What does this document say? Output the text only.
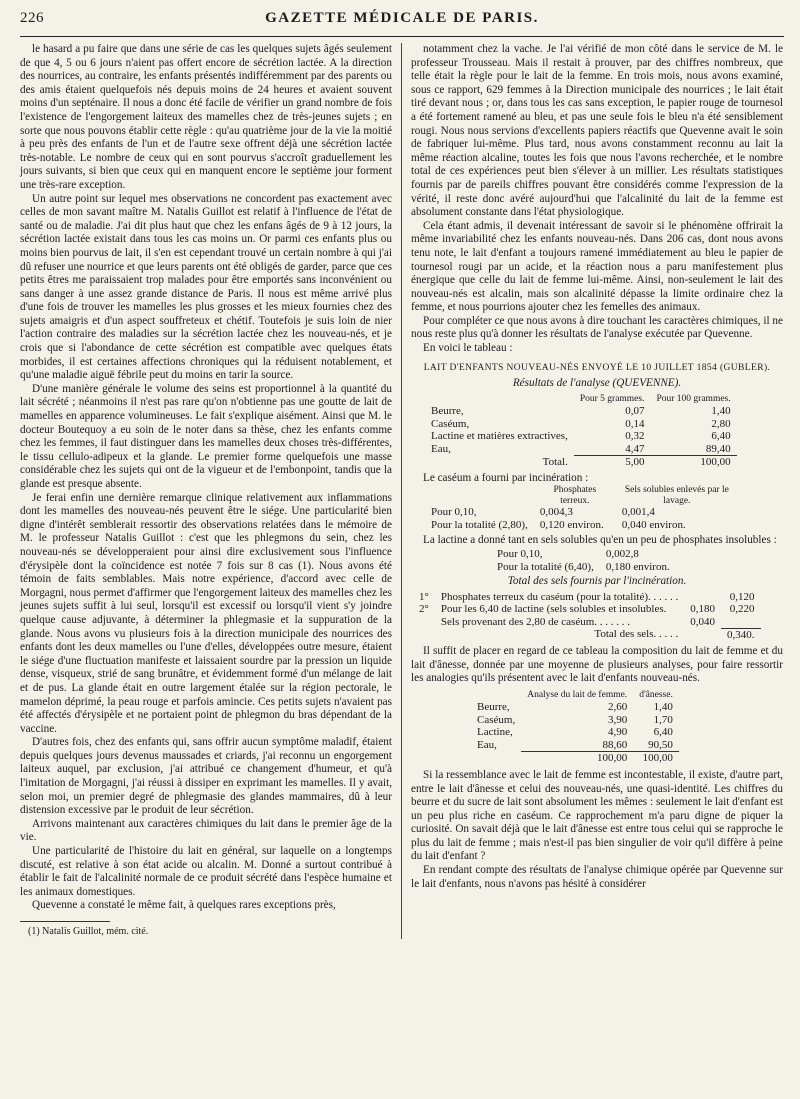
226	GAZETTE MÉDICALE DE PARIS.

le hasard a pu faire que dans une série de cas les quelques sujets âgés seulement de que 4, 5 ou 6 jours n'aient pas offert encore de sécrétion lactée. A la direction des nourrices, au contraire, les enfants présentés indifféremment par des parents ou des amis étaient quelquefois nés depuis moins de 24 heures et avaient souvent moins d'un septénaire. Il nous a donc été facile de vérifier un grand nombre de fois l'existence de l'engorgement laiteux des mamelles chez de très-jeunes sujets ; en sorte que nous pouvons établir cette règle : qu'au quatrième jour de la vie la moitié à peu près des enfants de l'un et de l'autre sexe offrent déjà une sécrétion lactée très-notable. Le nombre de ceux qui en sont pourvus s'accroît graduellement les jours suivants, si bien que ceux qui en manquent encore le septième jour forment une très-rare exception.

Un autre point sur lequel mes observations ne concordent pas exactement avec celles de mon savant maître M. Natalis Guillot est relatif à l'influence de l'état de santé ou de maladie. J'ai dit plus haut que chez les enfans âgés de 9 à 12 jours, la sécrétion lactée existait dans tous les cas moins un. Or parmi ces enfants plus ou moins bien pourvus de lait, il s'en est cependant trouvé un certain nombre à qui j'ai dû refuser une nourrice et que leurs parents ont été obligés de garder, parce que ces petits êtres me paraissaient trop malades pour être emportés sans inconvénient ou sans danger à une assez grande distance de Paris. Il nous est même arrivé plus d'une fois de trouver les mamelles les plus grosses et les mieux fournies chez des sujets amaigris et d'un aspect souffreteux et chétif. Toutefois je suis loin de nier l'action contraire des maladies sur la sécrétion lactée chez les nouveau-nés, et je crois que si l'abondance de cette sécrétion est compatible avec quelques états morbides, il est certaines affections chroniques qui la réduisent notablement, et qu'une maladie aiguë fébrile peut du moins en tarir la source.

D'une manière générale le volume des seins est proportionnel à la quantité du lait sécrété ; néanmoins il n'est pas rare qu'on n'obtienne pas une goutte de lait de mamelles en apparence volumineuses. Le fait s'explique aisément. Ainsi que M. le docteur Boutequoy a eu soin de le noter dans sa thèse, chez les enfants comme chez les femmes, il faut distinguer dans les mamelles deux choses très-différentes, le tissu cellulo-adipeux et la glande. Le premier forme quelquefois une masse considérable chez les sujets qui ont de la vigueur et de l'embonpoint, tandis que la glande est presque absente.

Je ferai enfin une dernière remarque clinique relativement aux inflammations dont les mamelles des nouveau-nés peuvent être le siége. Une particularité bien digne d'intérêt semblerait ressortir des observations relatées dans le mémoire de M. le professeur Natalis Guillot : c'est que les phlegmons du sein, chez les nouveau-nés se développeraient pour ainsi dire exclusivement sous l'influence d'érysipèle dont la coïncidence est notée 7 fois sur 8 cas (1). Nous avons été témoin de faits semblables. Mais notre expérience, d'accord avec celle de Morgagni, nous permet d'affirmer que l'engorgement laiteux des mamelles chez les jeunes sujets suffit à lui seul, lorsqu'il est excessif ou lorsqu'il vient s'y joindre quelque cause adjuvante, à déterminer la phlegmasie et la suppuration de la glande. Nous avons vu plusieurs fois à la direction municipale des nourrices des enfants dont les deux mamelles ou l'une d'elles, développées outre mesure, étaient le siége d'une fluctuation manifeste et laissaient sourdre par la pression un liquide dense, visqueux, strié de sang brunâtre, et évidemment formé d'un mélange de lait et de pus. La glande était en outre largement étalée sur la région pectorale, le mamelon déprimé, la peau rouge et parfois amincie. Ces petits sujets n'avaient pas été affectés d'érysipèle et ne portaient point de phlegmon du bras dépendant de la vaccine.

D'autres fois, chez des enfants qui, sans offrir aucun symptôme maladif, étaient depuis quelques jours devenus maussades et criards, j'ai reconnu un engorgement laiteux auquel, par exclusion, j'ai attribué ce changement d'humeur, et qu'à l'imitation de Morgagni, j'ai réussi à dissiper en exprimant les mamelles. Il y avait, selon moi, un premier degré de phlegmasie des glandes mammaires, dû à leur distension excessive par le produit de leur sécrétion.

Arrivons maintenant aux caractères chimiques du lait dans le premier âge de la vie.

Une particularité de l'histoire du lait en général, sur laquelle on a longtemps discuté, est relative à son état acide ou alcalin. M. Donné a surtout contribué à établir le fait de l'alcalinité normale de ce produit sécrété dans l'espèce humaine et les animaux domestiques.

Quevenne a constaté le même fait, à quelques rares exceptions près,

(1) Natalis Guillot, mém. cité.

notamment chez la vache. Je l'ai vérifié de mon côté dans le service de M. le professeur Trousseau. Mais il restait à prouver, par des chiffres nombreux, que telle était la règle pour le lait de la femme. En trois mois, nous avons examiné, sous ce rapport, 629 femmes à la Direction municipale des nourrices ; le lait était tiré devant nous ; or, dans tous les cas sans exception, le papier rouge de tournesol a été fortement ramené au bleu, et pas une seule fois le bleu n'a été sensiblement rougi. Nous nous servions d'excellents papiers réactifs que Quevenne avait le soin de fabriquer lui-même. Plus tard, nous avons constamment reconnu au lait la même réaction alcaline, toutes les fois que nous l'avons recherchée, et le nombre total de ces expériences peut bien s'élever à un millier. Les résultats statistiques fournis par de pareils chiffres pouvant être considérés comme l'expression de la vérité, il reste donc avéré aujourd'hui que l'alcalinité du lait de la femme est absolument constante dans l'état physiologique.

Cela étant admis, il devenait intéressant de savoir si le phénomène offrirait la même invariabilité chez les enfants nouveau-nés. Dans 206 cas, dont nous avons tenu note, le lait d'enfant a toujours ramené immédiatement au bleu le papier de tournesol rougi par un acide, et la réaction nous a paru manifestement plus énergique que celle du lait de femme lui-même. Ainsi, non-seulement le lait des nouveau-nés est alcalin, mais son alcalinité dépasse la limite ordinaire chez la femme, et nous pourrions ajouter chez les femelles des animaux.

Pour compléter ce que nous avons à dire touchant les caractères chimiques, il ne nous reste plus qu'à donner les résultats de l'analyse exécutée par Quevenne.

En voici le tableau :

LAIT D'ENFANTS NOUVEAU-NÉS ENVOYÉ LE 10 JUILLET 1854 (GUBLER).
Résultats de l'analyse (QUEVENNE).
	Pour 5 grammes.	Pour 100 grammes.
Beurre,	0,07	1,40
Caséum,	0,14	2,80
Lactine et matières extractives,	0,32	6,40
Eau,	4,47	89,40
Total.	5,00	100,00

Le caséum a fourni par incinération :

	Phosphates terreux.	Sels solubles enlevés par le lavage.
Pour 0,10,	0,004,3	0,001,4
Pour la totalité (2,80),	0,120 environ.	0,040 environ.

La lactine a donné tant en sels solubles qu'en un peu de phosphates insolubles :

Pour 0,10,	0,002,8
Pour la totalité (6,40),	0,180 environ.
Total des sels fournis par l'incinération.
1°	Phosphates terreux du caséum (pour la totalité). . . . . .		0,120
2°	Pour les 6,40 de lactine (sels solubles et insolubles.	0,180	0,220
	Sels provenant des 2,80 de caséum. . . . . . .	0,040	
	Total des sels. . . . .		0,340.

Il suffit de placer en regard de ce tableau la composition du lait de femme et du lait d'ânesse, donnée par une moyenne de plusieurs analyses, pour faire ressortir les analogies qu'ils présentent avec le lait d'enfants nouveau-nés.

	Analyse du lait de femme.	d'ânesse.
Beurre,	2,60	1,40
Caséum,	3,90	1,70
Lactine,	4,90	6,40
Eau,	88,60	90,50
	100,00	100,00

Si la ressemblance avec le lait de femme est incontestable, il existe, d'autre part, entre le lait d'ânesse et celui des nouveau-nés, une quasi-identité. Les chiffres du beurre et du sucre de lait sont absolument les mêmes : seulement le lait d'enfant est un peu plus riche en caséum. Ce rapprochement m'a paru digne de piquer la curiosité. On savait déjà que le lait d'ânesse est entre tous celui qui se rapproche le plus du lait de femme ; mais n'est-il pas bien singulier de voir qu'il diffère à peine du lait d'enfant ?

En rendant compte des résultats de l'analyse chimique opérée par Quevenne sur le lait d'enfants, nous n'avons pas hésité à considérer
